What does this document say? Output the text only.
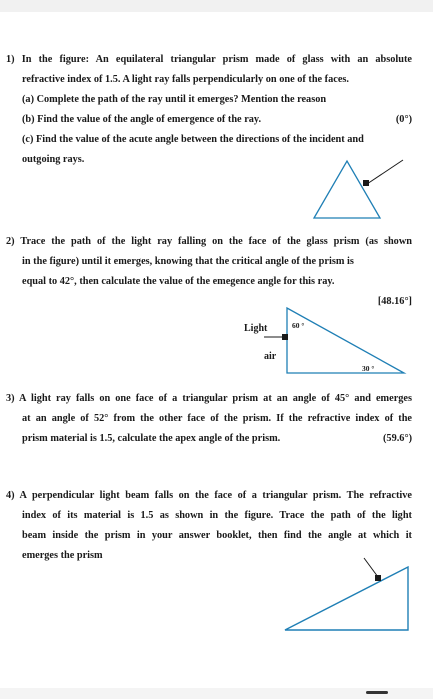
1) In the figure: An equilateral triangular prism made of glass with an absolute

refractive index of 1.5. A light ray falls perpendicularly on one of the faces.

(a) Complete the path of the ray until it emerges? Mention the reason

(b) Find the value of the angle of emergence of the ray.	(0°)

(c) Find the value of the acute angle between the directions of the incident and

outgoing rays.

2) Trace the path of the light ray falling on the face of the glass prism (as shown

in the figure) until it emerges, knowing that the critical angle of the prism is

equal to 42°, then calculate the value of the emegence angle for this ray.

[48.16°]

Light
air
60 °
30 °

3) A light ray falls on one face of a triangular prism at an angle of 45° and emerges

at an angle of 52° from the other face of the prism. If the refractive index of the

prism material is 1.5, calculate the apex angle of the prism.	(59.6°)

4) A perpendicular light beam falls on the face of a triangular prism. The refractive

index of its material is 1.5 as shown in the figure. Trace the path of the light

beam inside the prism in your answer booklet, then find the angle at which it

emerges the prism
